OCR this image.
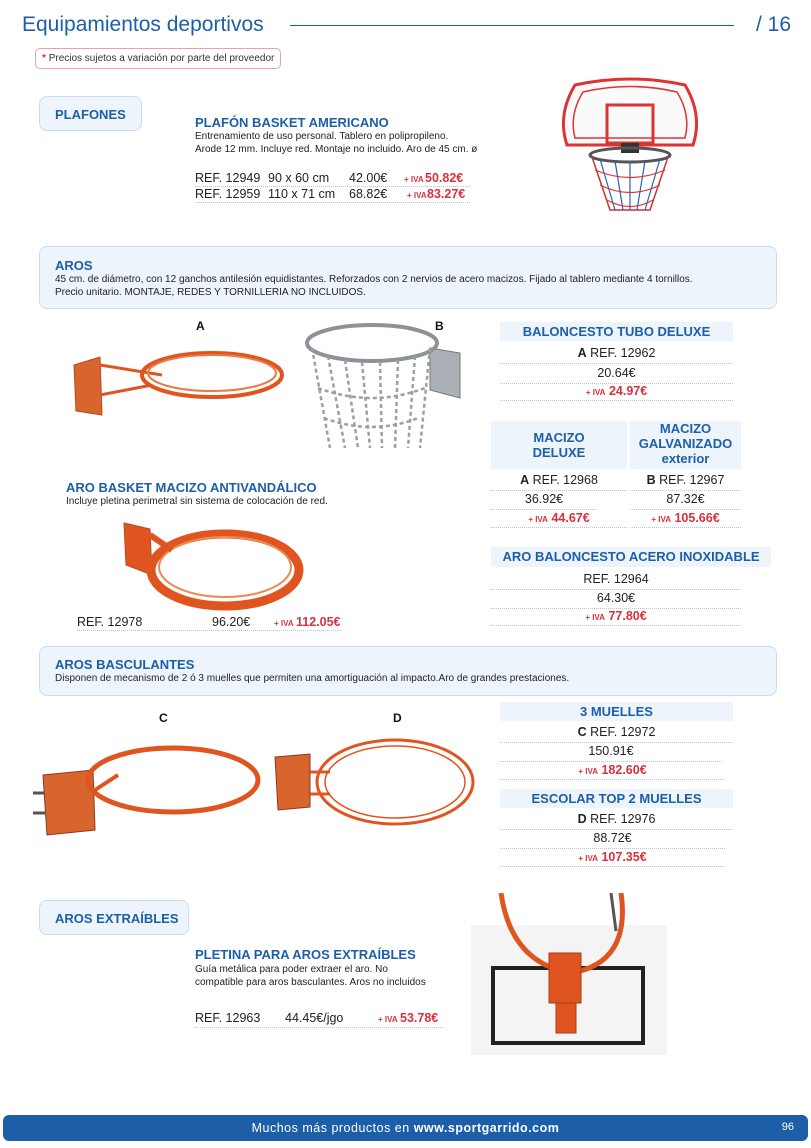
Equipamientos deportivos	/ 16
* Precios sujetos a variación por parte del proveedor
PLAFONES
PLAFÓN BASKET AMERICANO
Entrenamiento de uso personal. Tablero en polipropileno.
Arode 12 mm. Incluye red. Montaje no incluido. Aro de 45 cm. ø
REF. 12949 90 x 60 cm 42.00€ + IVA 50.82€
REF. 12959 110 x 71 cm 68.82€ + IVA 83.27€
AROS
45 cm. de diámetro, con 12 ganchos antilesión equidistantes. Reforzados con 2 nervios de acero macizos. Fijado al tablero mediante 4 tornillos.
Precio unitario. MONTAJE, REDES Y TORNILLERIA NO INCLUIDOS.
A	B	BALONCESTO TUBO DELUXE
A REF. 12962
20.64€
+ IVA 24.97€
MACIZO DELUXE
MACIZO
GALVANIZADO
exterior
A REF. 12968	B REF. 12967
36.92€	87.32€
+ IVA 44.67€	+ IVA 105.66€
ARO BALONCESTO ACERO INOXIDABLE
REF. 12964
64.30€
+ IVA 77.80€
ARO BASKET MACIZO ANTIVANDÁLICO
Incluye pletina perimetral sin sistema de colocación de red.
REF. 12978	96.20€	+ IVA 112.05€
AROS BASCULANTES
Disponen de mecanismo de 2 ó 3 muelles que permiten una amortiguación al impacto.Aro de grandes prestaciones.
C	D	3 MUELLES
C REF. 12972
150.91€
+ IVA 182.60€
ESCOLAR TOP 2 MUELLES
D REF. 12976
88.72€
+ IVA 107.35€
AROS EXTRAÍBLES
PLETINA PARA AROS EXTRAÍBLES
Guía metálica para poder extraer el aro. No
compatible para aros basculantes. Aros no incluidos
REF. 12963 44.45€/jgo	+ IVA 53.78€
Muchos más productos en www.sportgarrido.com	96
